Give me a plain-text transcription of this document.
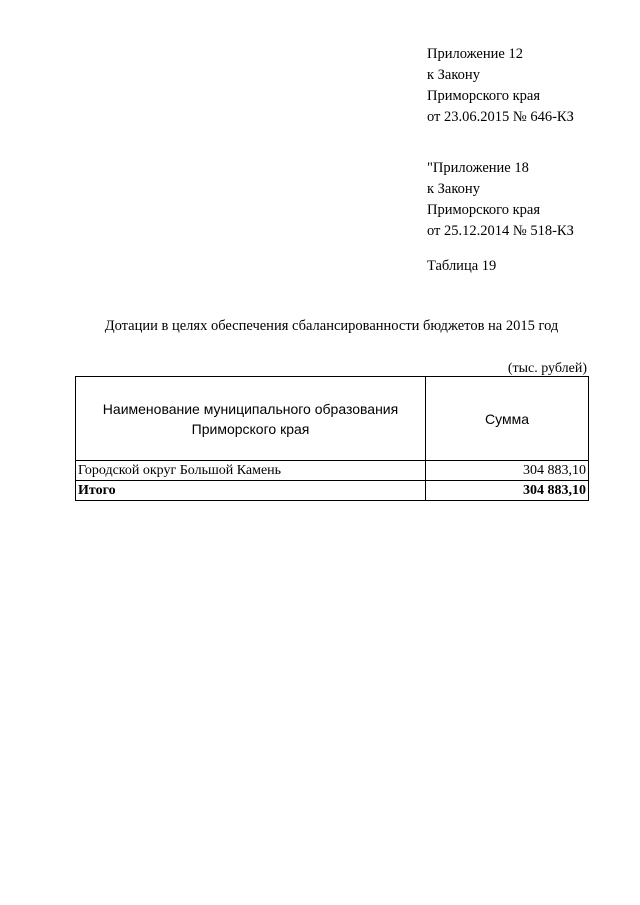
Приложение 12
к Закону
Приморского края
от 23.06.2015 № 646-КЗ
"Приложение 18
к Закону
Приморского края
от 25.12.2014 № 518-КЗ
Таблица 19
Дотации в целях обеспечения сбалансированности бюджетов на 2015 год
(тыс. рублей)
Наименование муниципального образования Приморского края	Сумма
Городской округ Большой Камень	304 883,10
Итого	304 883,10
